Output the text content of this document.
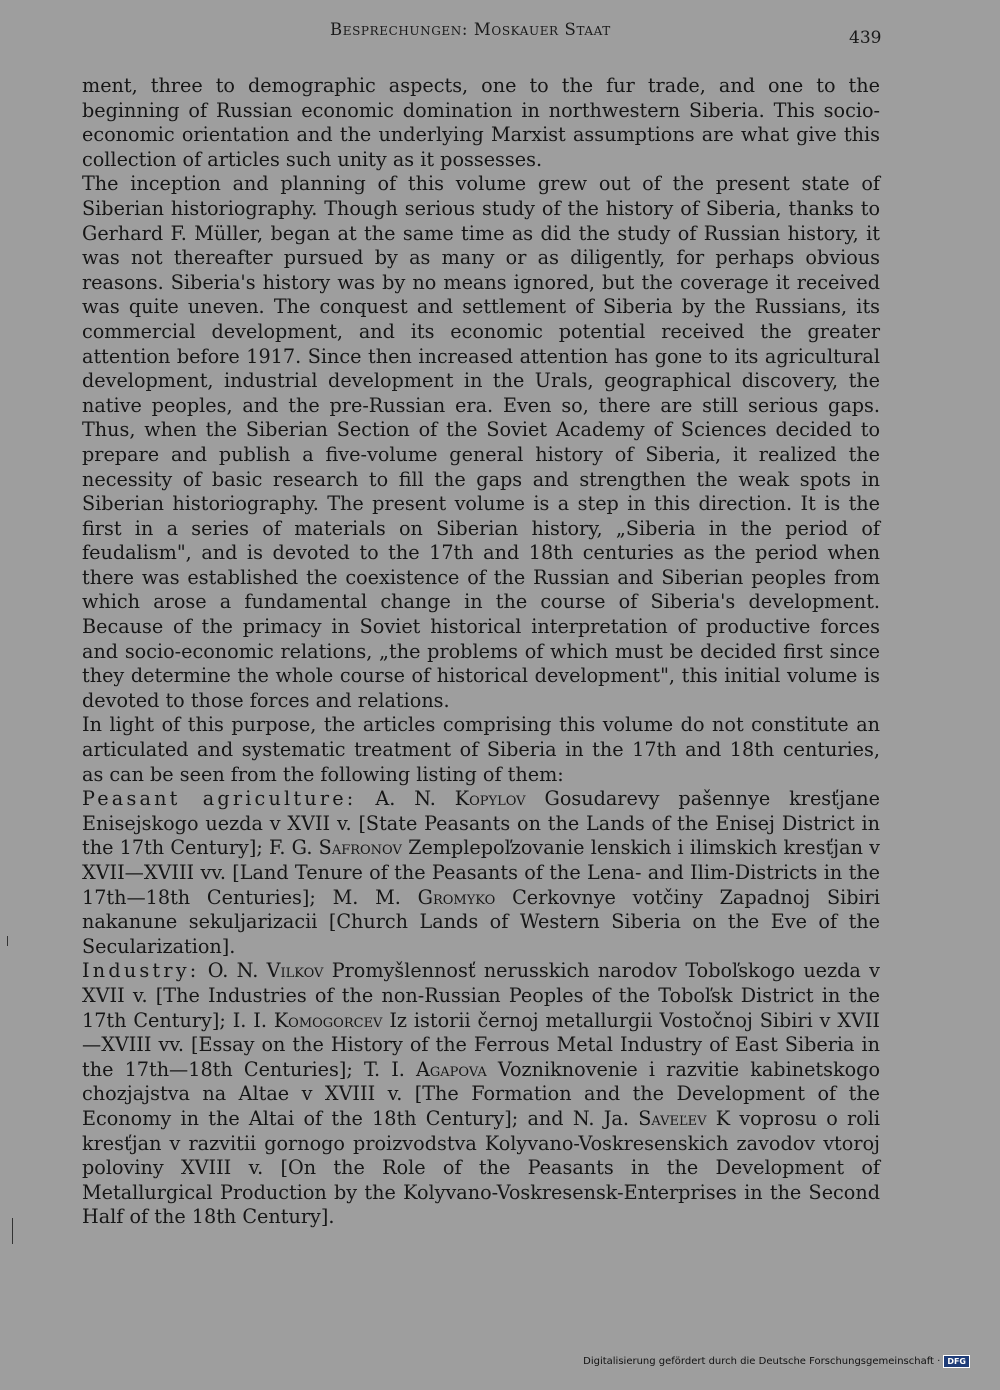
Besprechungen: Moskauer Staat	439

ment, three to demographic aspects, one to the fur trade, and one to the beginning of Russian economic domination in northwestern Siberia. This socio-economic orientation and the underlying Marxist assumptions are what give this collection of articles such unity as it possesses.

The inception and planning of this volume grew out of the present state of Siberian historiography. Though serious study of the history of Siberia, thanks to Gerhard F. Müller, began at the same time as did the study of Russian history, it was not thereafter pursued by as many or as diligently, for perhaps obvious reasons. Siberia's history was by no means ignored, but the coverage it received was quite uneven. The conquest and settlement of Siberia by the Russians, its commercial development, and its economic potential received the greater attention before 1917. Since then increased attention has gone to its agricultural development, industrial development in the Urals, geographical discovery, the native peoples, and the pre-Russian era. Even so, there are still serious gaps. Thus, when the Siberian Section of the Soviet Academy of Sciences decided to prepare and publish a five-volume general history of Siberia, it realized the necessity of basic research to fill the gaps and strengthen the weak spots in Siberian historiography. The present volume is a step in this direction. It is the first in a series of materials on Siberian history, „Siberia in the period of feudalism", and is devoted to the 17th and 18th centuries as the period when there was established the coexistence of the Russian and Siberian peoples from which arose a fundamental change in the course of Siberia's development. Because of the primacy in Soviet historical interpretation of productive forces and socio-economic relations, „the problems of which must be decided first since they determine the whole course of historical development", this initial volume is devoted to those forces and relations.

In light of this purpose, the articles comprising this volume do not constitute an articulated and systematic treatment of Siberia in the 17th and 18th centuries, as can be seen from the following listing of them:

Peasant agriculture: A. N. Kopylov Gosudarevy pašennye kresťjane Enisejskogo uezda v XVII v. [State Peasants on the Lands of the Enisej District in the 17th Century]; F. G. Safronov Zemplepoľzovanie lenskich i ilimskich kresťjan v XVII—XVIII vv. [Land Tenure of the Peasants of the Lena- and Ilim-Districts in the 17th—18th Centuries]; M. M. Gromyko Cerkovnye votčiny Zapadnoj Sibiri nakanune sekuljarizacii [Church Lands of Western Siberia on the Eve of the Secularization].

Industry: O. N. Vilkov Promyšlennosť nerusskich narodov Toboľskogo uezda v XVII v. [The Industries of the non-Russian Peoples of the Toboľsk District in the 17th Century]; I. I. Komogorcev Iz istorii černoj metallurgii Vostočnoj Sibiri v XVII—XVIII vv. [Essay on the History of the Ferrous Metal Industry of East Siberia in the 17th—18th Centuries]; T. I. Agapova Vozniknovenie i razvitie kabinetskogo chozjajstva na Altae v XVIII v. [The Formation and the Development of the Economy in the Altai of the 18th Century]; and N. Ja. Saveľev K voprosu o roli kresťjan v razvitii gornogo proizvodstva Kolyvano-Voskresenskich zavodov vtoroj poloviny XVIII v. [On the Role of the Peasants in the Development of Metallurgical Production by the Kolyvano-Voskresensk-Enterprises in the Second Half of the 18th Century].

Digitalisierung gefördert durch die Deutsche Forschungsgemeinschaft · DFG
